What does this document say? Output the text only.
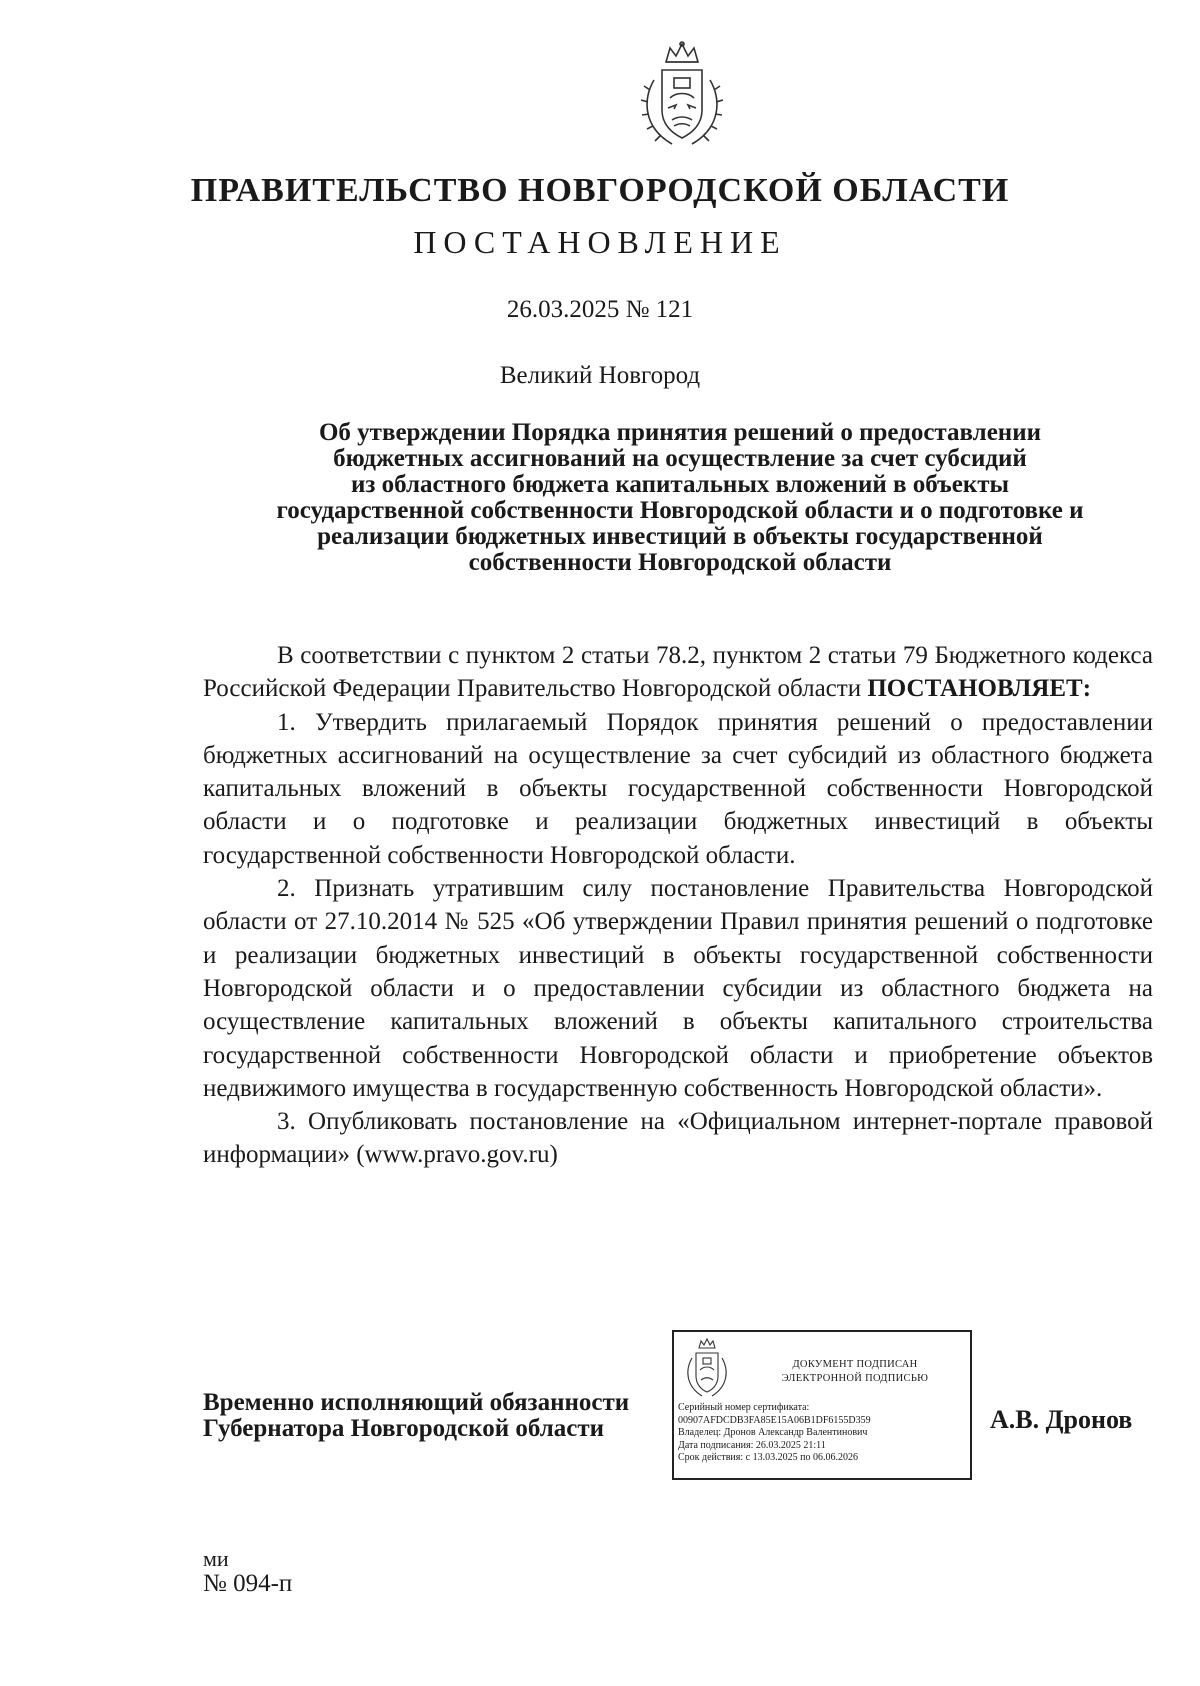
ПРАВИТЕЛЬСТВО НОВГОРОДСКОЙ ОБЛАСТИ
ПОСТАНОВЛЕНИЕ
26.03.2025 № 121
Великий Новгород
Об утверждении Порядка принятия решений о предоставлении
бюджетных ассигнований на осуществление за счет субсидий
из областного бюджета капитальных вложений в объекты
государственной собственности Новгородской области и о подготовке и
реализации бюджетных инвестиций в объекты государственной
собственности Новгородской области

В соответствии с пунктом 2 статьи 78.2, пунктом 2 статьи 79 Бюджетного кодекса Российской Федерации Правительство Новгородской области ПОСТАНОВЛЯЕТ:

1. Утвердить прилагаемый Порядок принятия решений о предоставлении бюджетных ассигнований на осуществление за счет субсидий из областного бюджета капитальных вложений в объекты государственной собственности Новгородской области и о подготовке и реализации бюджетных инвестиций в объекты государственной собственности Новгородской области.

2. Признать утратившим силу постановление Правительства Новгородской области от 27.10.2014 № 525 «Об утверждении Правил принятия решений о подготовке и реализации бюджетных инвестиций в объекты государственной собственности Новгородской области и о предоставлении субсидии из областного бюджета на осуществление капитальных вложений в объекты капитального строительства государственной собственности Новгородской области и приобретение объектов недвижимого имущества в государственную собственность Новгородской области».

3. Опубликовать постановление на «Официальном интернет-портале правовой информации» (www.pravo.gov.ru)

Временно исполняющий обязанности
Губернатора Новгородской области
ДОКУМЕНТ ПОДПИСАН
ЭЛЕКТРОННОЙ ПОДПИСЬЮ
Серийный номер сертификата:
00907AFDCDB3FA85E15A06B1DF6155D359
Владелец: Дронов Александр Валентинович
Дата подписания: 26.03.2025 21:11
Срок действия: с 13.03.2025 по 06.06.2026
А.В. Дронов
ми
№ 094-п
